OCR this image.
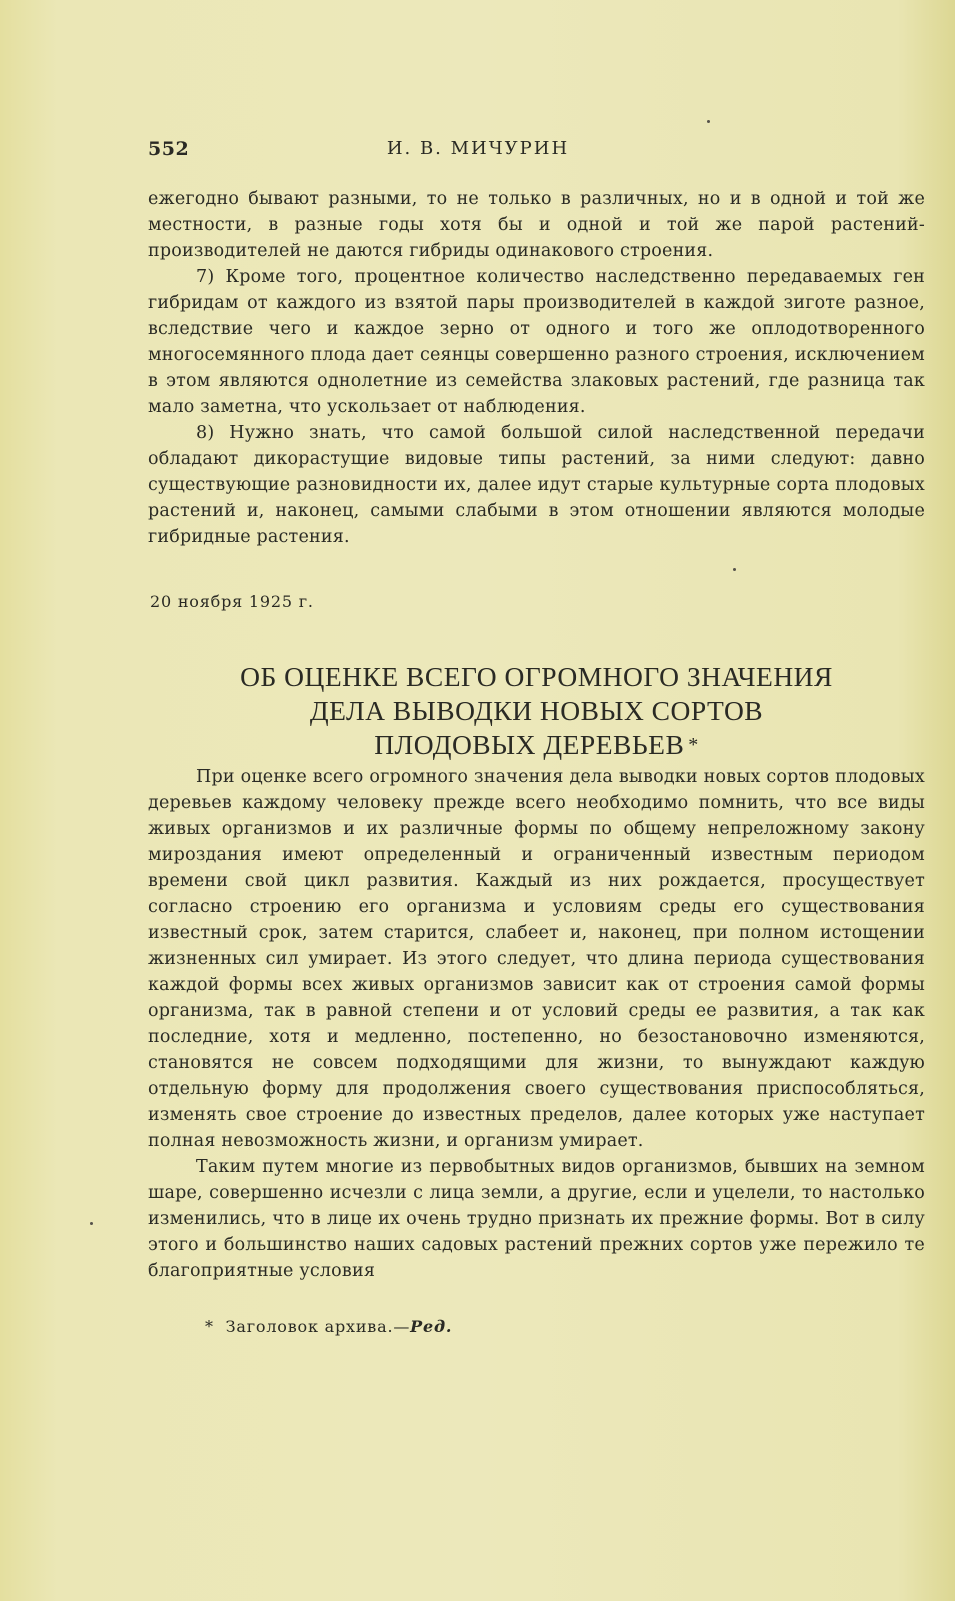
552	И. В. МИЧУРИН

ежегодно бывают разными, то не только в различных, но и в одной и той же местности, в разные годы хотя бы и одной и той же парой растений-производителей не даются гибриды одинакового строения.

7) Кроме того, процентное количество наследственно передаваемых ген гибридам от каждого из взятой пары производителей в каждой зиготе разное, вследствие чего и каждое зерно от одного и того же оплодотворенного многосемянного плода дает сеянцы совершенно разного строения, исключением в этом являются однолетние из семейства злаковых растений, где разница так мало заметна, что ускользает от наблюдения.

8) Нужно знать, что самой большой силой наследственной передачи обладают дикорастущие видовые типы растений, за ними следуют: давно существующие разновидности их, далее идут старые культурные сорта плодовых растений и, наконец, самыми слабыми в этом отношении являются молодые гибридные растения.

20 ноября 1925 г.
ОБ ОЦЕНКЕ ВСЕГО ОГРОМНОГО ЗНАЧЕНИЯ
ДЕЛА ВЫВОДКИ НОВЫХ СОРТОВ
ПЛОДОВЫХ ДЕРЕВЬЕВ *

При оценке всего огромного значения дела выводки новых сортов плодовых деревьев каждому человеку прежде всего необходимо помнить, что все виды живых организмов и их различные формы по общему непреложному закону мироздания имеют определенный и ограниченный известным периодом времени свой цикл развития. Каждый из них рождается, просуществует согласно строению его организма и условиям среды его существования известный срок, затем старится, слабеет и, наконец, при полном истощении жизненных сил умирает. Из этого следует, что длина периода существования каждой формы всех живых организмов зависит как от строения самой формы организма, так в равной степени и от условий среды ее развития, а так как последние, хотя и медленно, постепенно, но безостановочно изменяются, становятся не совсем подходящими для жизни, то вынуждают каждую отдельную форму для продолжения своего существования приспособляться, изменять свое строение до известных пределов, далее которых уже наступает полная невозможность жизни, и организм умирает.

Таким путем многие из первобытных видов организмов, бывших на земном шаре, совершенно исчезли с лица земли, а другие, если и уцелели, то настолько изменились, что в лице их очень трудно признать их прежние формы. Вот в силу этого и большинство наших садовых растений прежних сортов уже пережило те благоприятные условия

* Заголовок архива.—Ред.
